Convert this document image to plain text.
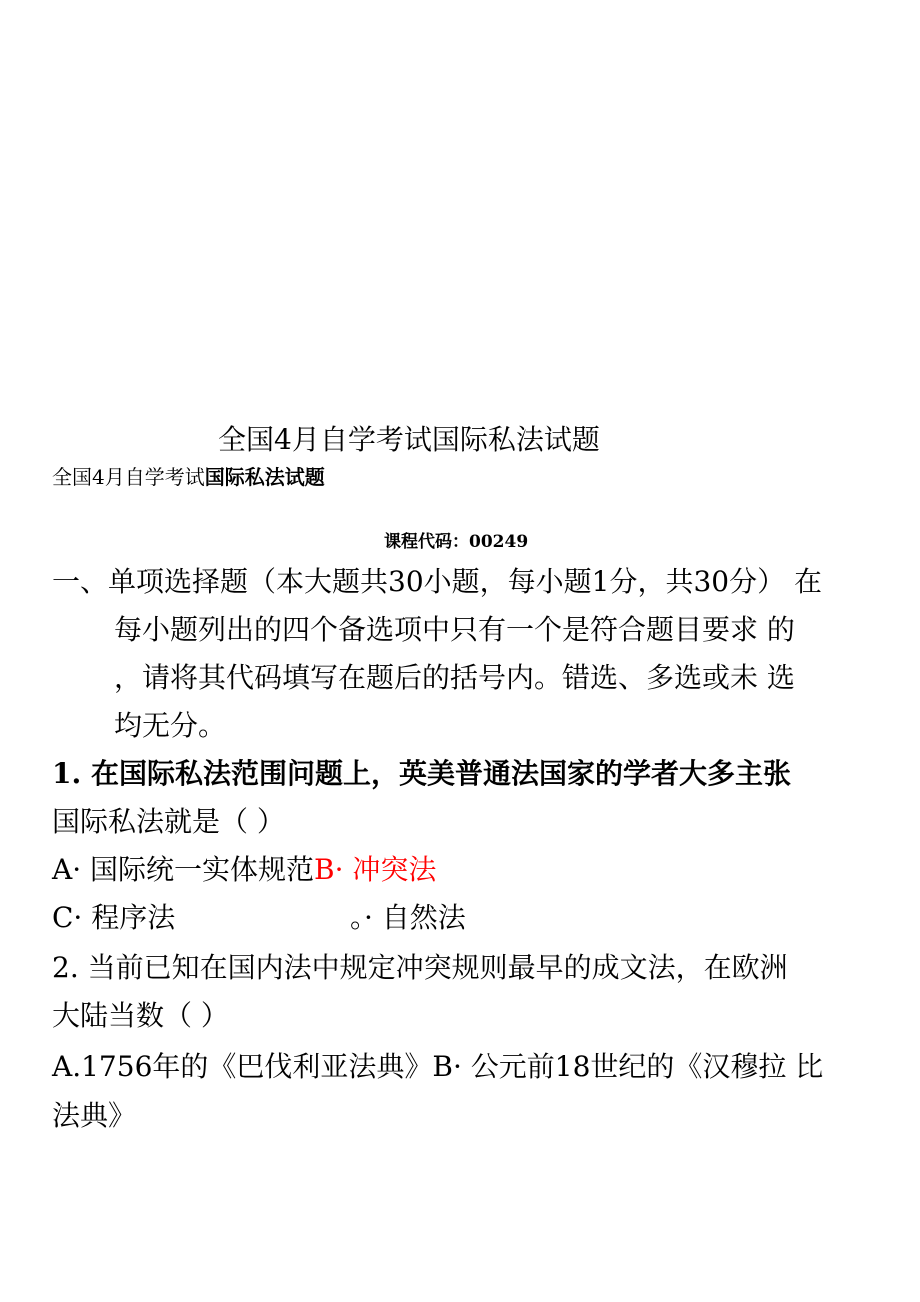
全国4月自学考试国际私法试题
全国4月自学考试国际私法试题
课程代码：00249
一、单项选择题（本大题共30小题，每小题1分，共30分） 在
每小题列出的四个备选项中只有一个是符合题目要求 的
，请将其代码填写在题后的括号内。错选、多选或未 选
均无分。
1. 在国际私法范围问题上，英美普通法国家的学者大多主张
国际私法就是（ ）
A· 国际统一实体规范B· 冲突法
C· 程序法	。· 自然法
2. 当前已知在国内法中规定冲突规则最早的成文法，在欧洲
大陆当数（ ）
A.1756年的《巴伐利亚法典》B· 公元前18世纪的《汉穆拉 比
法典》
